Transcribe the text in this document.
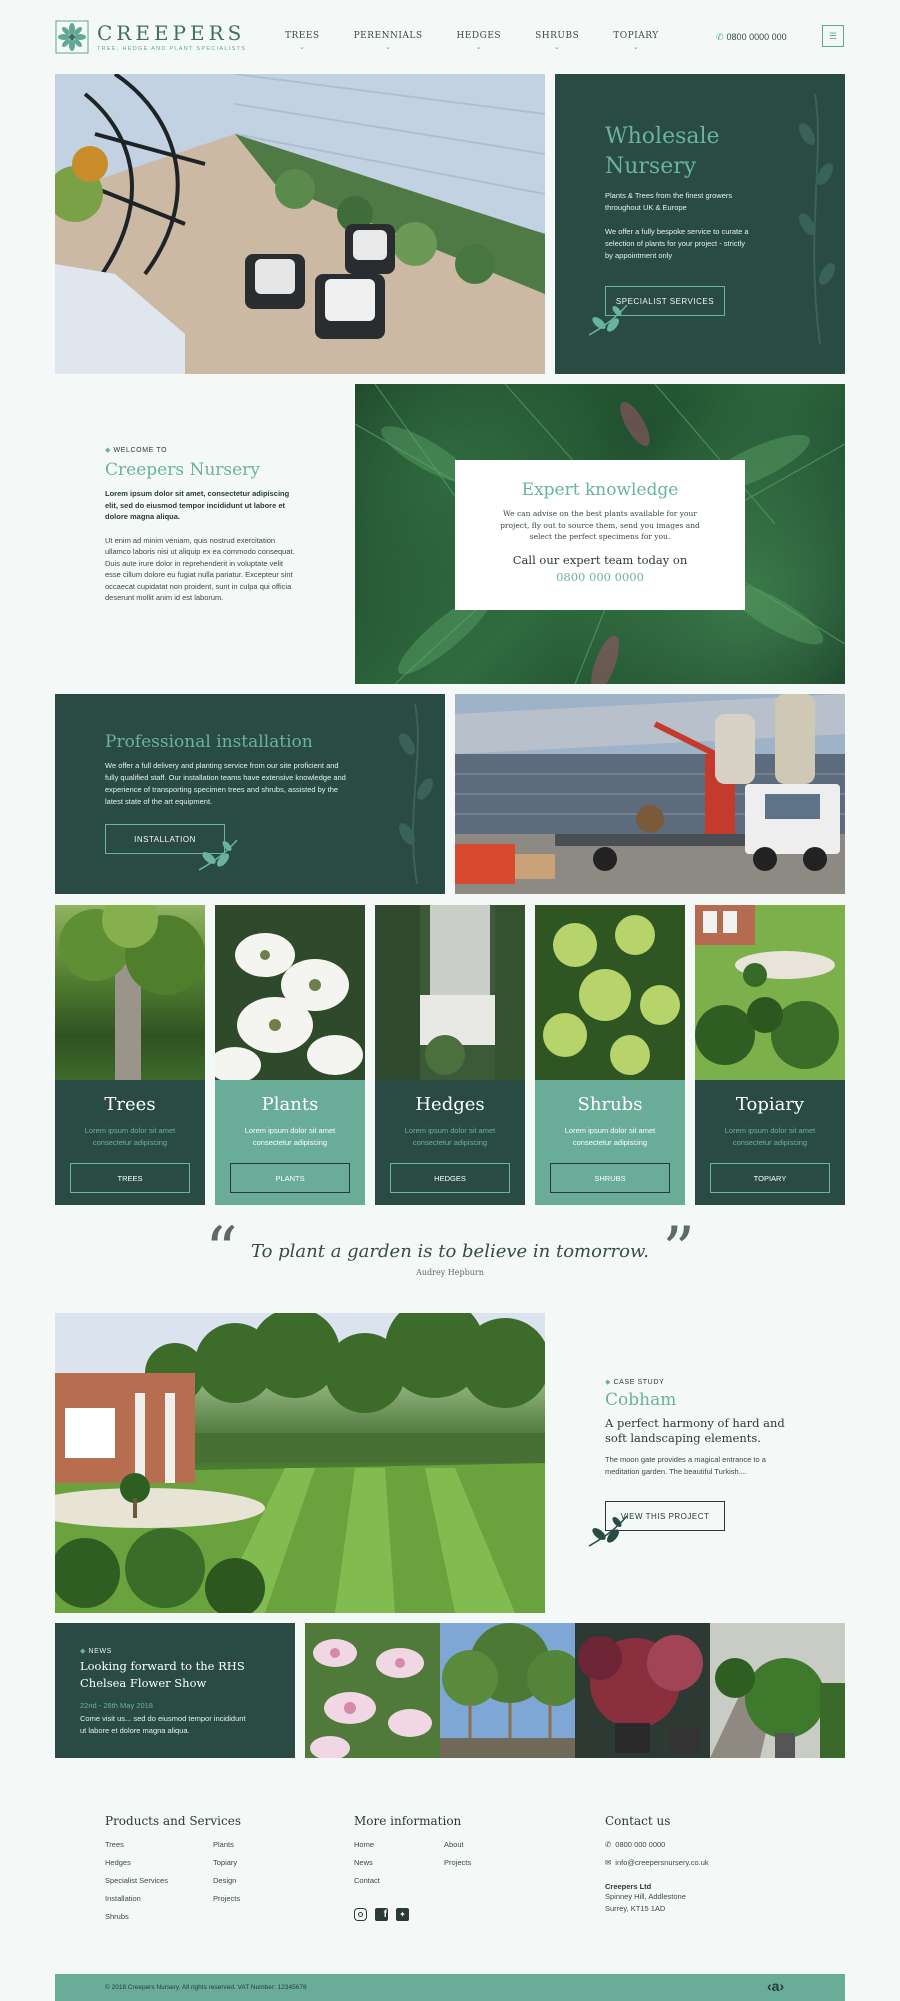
CREEPERS
TREE, HEDGE AND PLANT SPECIALISTS
TREES
⌄
PERENNIALS
⌄
HEDGES
⌄
SHRUBS
⌄
TOPIARY
⌄
✆ 0800 0000 000	☰
Wholesale
Nursery
Plants & Trees from the finest growers throughout UK & Europe
We offer a fully bespoke service to curate a selection of plants for your project - strictly by appointment only
SPECIALIST SERVICES
◆ WELCOME TO
Creepers Nursery
Lorem ipsum dolor sit amet, consectetur adipiscing elit, sed do eiusmod tempor incididunt ut labore et dolore magna aliqua.
Ut enim ad minim veniam, quis nostrud exercitation ullamco laboris nisi ut aliquip ex ea commodo consequat. Duis aute irure dolor in reprehenderit in voluptate velit esse cillum dolore eu fugiat nulla pariatur. Excepteur sint occaecat cupidatat non proident, sunt in culpa qui officia deserunt mollit anim id est laborum.
Expert knowledge
We can advise on the best plants available for your project, fly out to source them, send you images and select the perfect specimens for you.
Call our expert team today on
0800 000 0000
Professional installation
We offer a full delivery and planting service from our site proficient and fully qualified staff. Our installation teams have extensive knowledge and experience of transporting specimen trees and shrubs, assisted by the latest state of the art equipment.
INSTALLATION
Trees
Lorem ipsum dolor sit amet consectetur adipiscing
TREES
Plants
Lorem ipsum dolor sit amet consectetur adipiscing
PLANTS
Hedges
Lorem ipsum dolor sit amet consectetur adipiscing
HEDGES
Shrubs
Lorem ipsum dolor sit amet consectetur adipiscing
SHRUBS
Topiary
Lorem ipsum dolor sit amet consectetur adipiscing
TOPIARY
“ To plant a garden is to believe in tomorrow.
Audrey Hepburn	”
◆ CASE STUDY
Cobham
A perfect harmony of hard and soft landscaping elements.
The moon gate provides a magical entrance to a meditation garden. The beautiful Turkish....
VIEW THIS PROJECT
◆ NEWS
Looking forward to the RHS Chelsea Flower Show
22nd - 26th May 2018
Come visit us... sed do eiusmod tempor incididunt ut labore et dolore magna aliqua.
Products and Services
Trees
Hedges
Specialist Services
Installation
Shrubs
Plants
Topiary
Design
Projects
More information
Home
News
Contact
About
Projects
f	✦
Contact us
✆ 0800 000 0000
✉ info@creepersnursery.co.uk
Creepers Ltd
Spinney Hill, Addlestone
Surrey, KT15 1AD
© 2018 Creepers Nursery. All rights reserved. VAT Number: 12345678	‹a›
